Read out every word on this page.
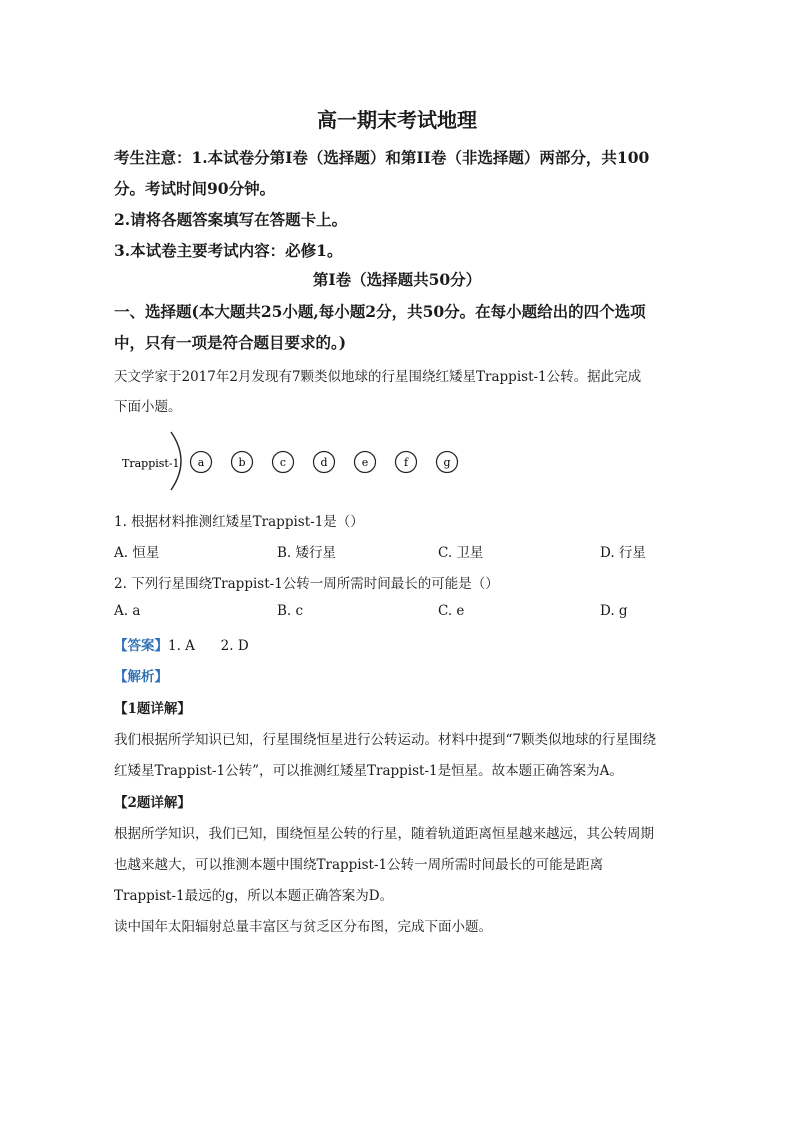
高一期末考试地理
考生注意：1.本试卷分第Ⅰ卷（选择题）和第II卷（非选择题）两部分，共100
分。考试时间90分钟。
2.请将各题答案填写在答题卡上。
3.本试卷主要考试内容：必修1。
第Ⅰ卷（选择题共50分）
一、选择题(本大题共25小题,每小题2分，共50分。在每小题给出的四个选项
中，只有一项是符合题目要求的。)
天文学家于2017年2月发现有7颗类似地球的行星围绕红矮星Trappist-1公转。据此完成
下面小题。
Trappist-1 a	b	c	d	e	f	g
1. 根据材料推测红矮星Trappist-1是（）
A. 恒星	B. 矮行星	C. 卫星	D. 行星
2. 下列行星围绕Trappist-1公转一周所需时间最长的可能是（）
A. a	B. c	C. e	D. g
【答案】1. A      2. D
【解析】
【1题详解】
我们根据所学知识已知，行星围绕恒星进行公转运动。材料中提到“7颗类似地球的行星围绕
红矮星Trappist-1公转”，可以推测红矮星Trappist-1是恒星。故本题正确答案为A。
【2题详解】
根据所学知识，我们已知，围绕恒星公转的行星，随着轨道距离恒星越来越远，其公转周期
也越来越大，可以推测本题中围绕Trappist-1公转一周所需时间最长的可能是距离
Trappist-1最远的g，所以本题正确答案为D。
读中国年太阳辐射总量丰富区与贫乏区分布图，完成下面小题。
